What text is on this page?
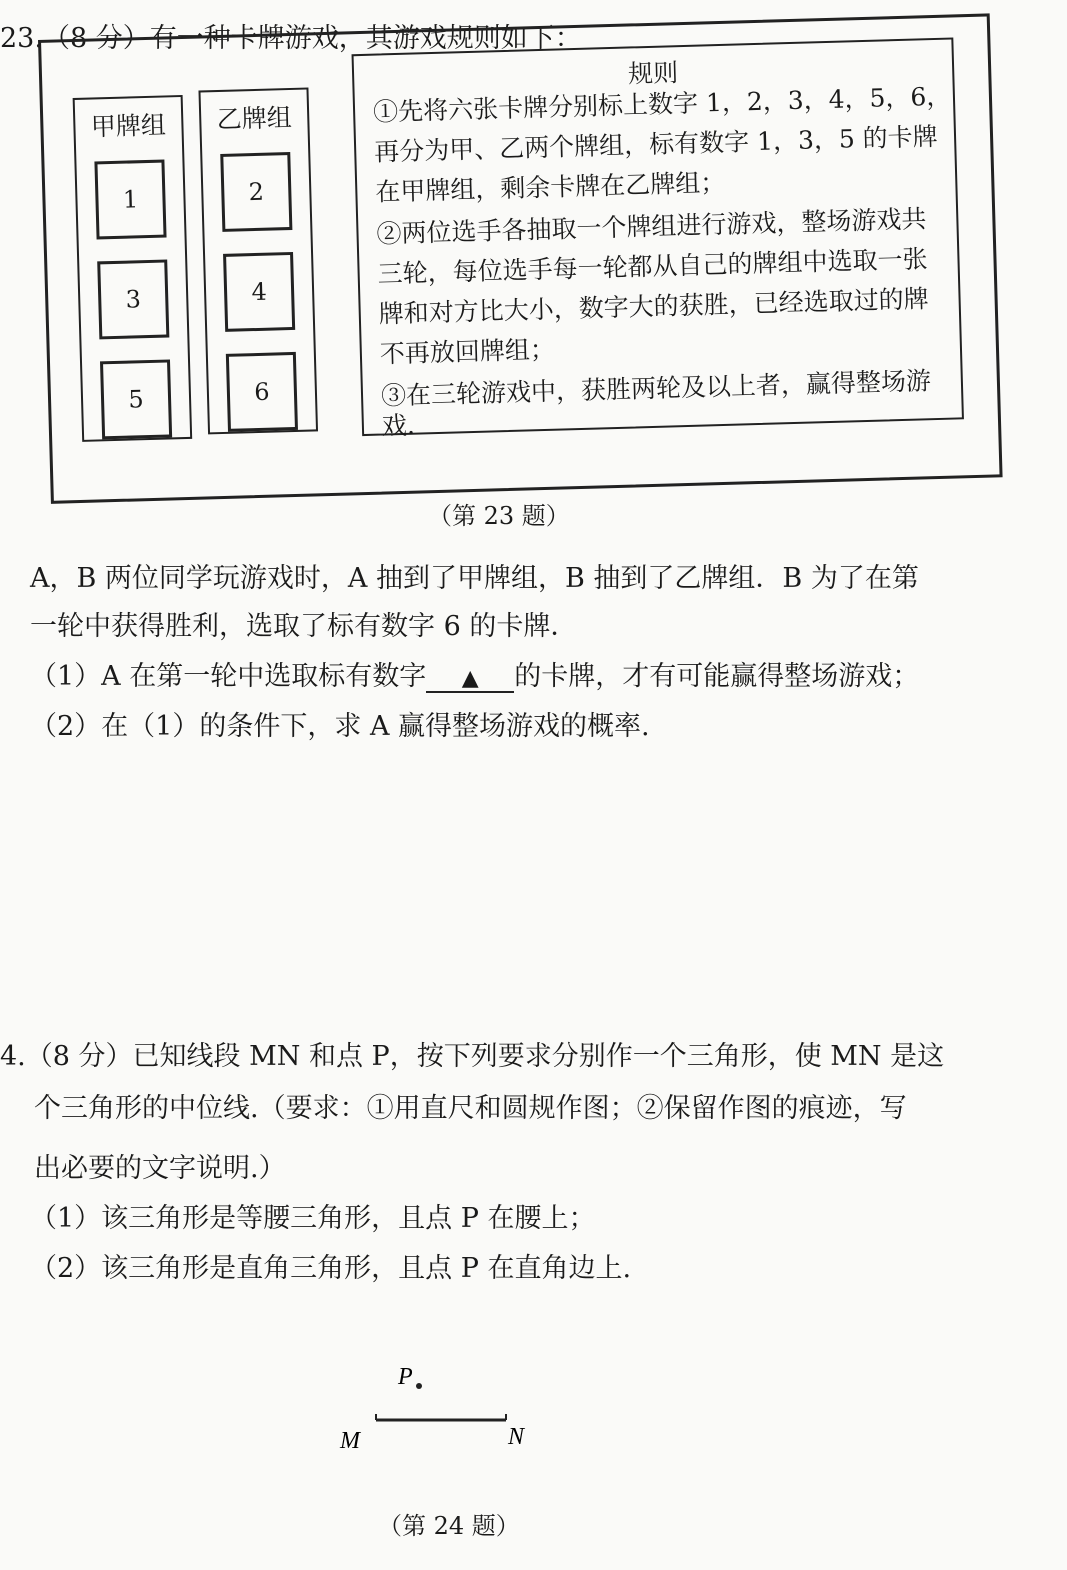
23.（8 分）有一种卡牌游戏，其游戏规则如下：
甲牌组
1
3
5
乙牌组
2
4
6
规则
①先将六张卡牌分别标上数字 1，2，3，4，5，6，
再分为甲、乙两个牌组，标有数字 1，3，5 的卡牌
在甲牌组，剩余卡牌在乙牌组；
②两位选手各抽取一个牌组进行游戏，整场游戏共
三轮，每位选手每一轮都从自己的牌组中选取一张
牌和对方比大小，数字大的获胜，已经选取过的牌
不再放回牌组；
③在三轮游戏中，获胜两轮及以上者，赢得整场游戏.
（第 23 题）
A，B 两位同学玩游戏时，A 抽到了甲牌组，B 抽到了乙牌组．B 为了在第
一轮中获得胜利，选取了标有数字 6 的卡牌．
（1）A 在第一轮中选取标有数字 ▲ 的卡牌，才有可能赢得整场游戏；
（2）在（1）的条件下，求 A 赢得整场游戏的概率.
4.（8 分）已知线段 MN 和点 P，按下列要求分别作一个三角形，使 MN 是这
个三角形的中位线.（要求：①用直尺和圆规作图；②保留作图的痕迹，写
出必要的文字说明.）
（1）该三角形是等腰三角形，且点 P 在腰上；
（2）该三角形是直角三角形，且点 P 在直角边上.
P
M	N
（第 24 题）
